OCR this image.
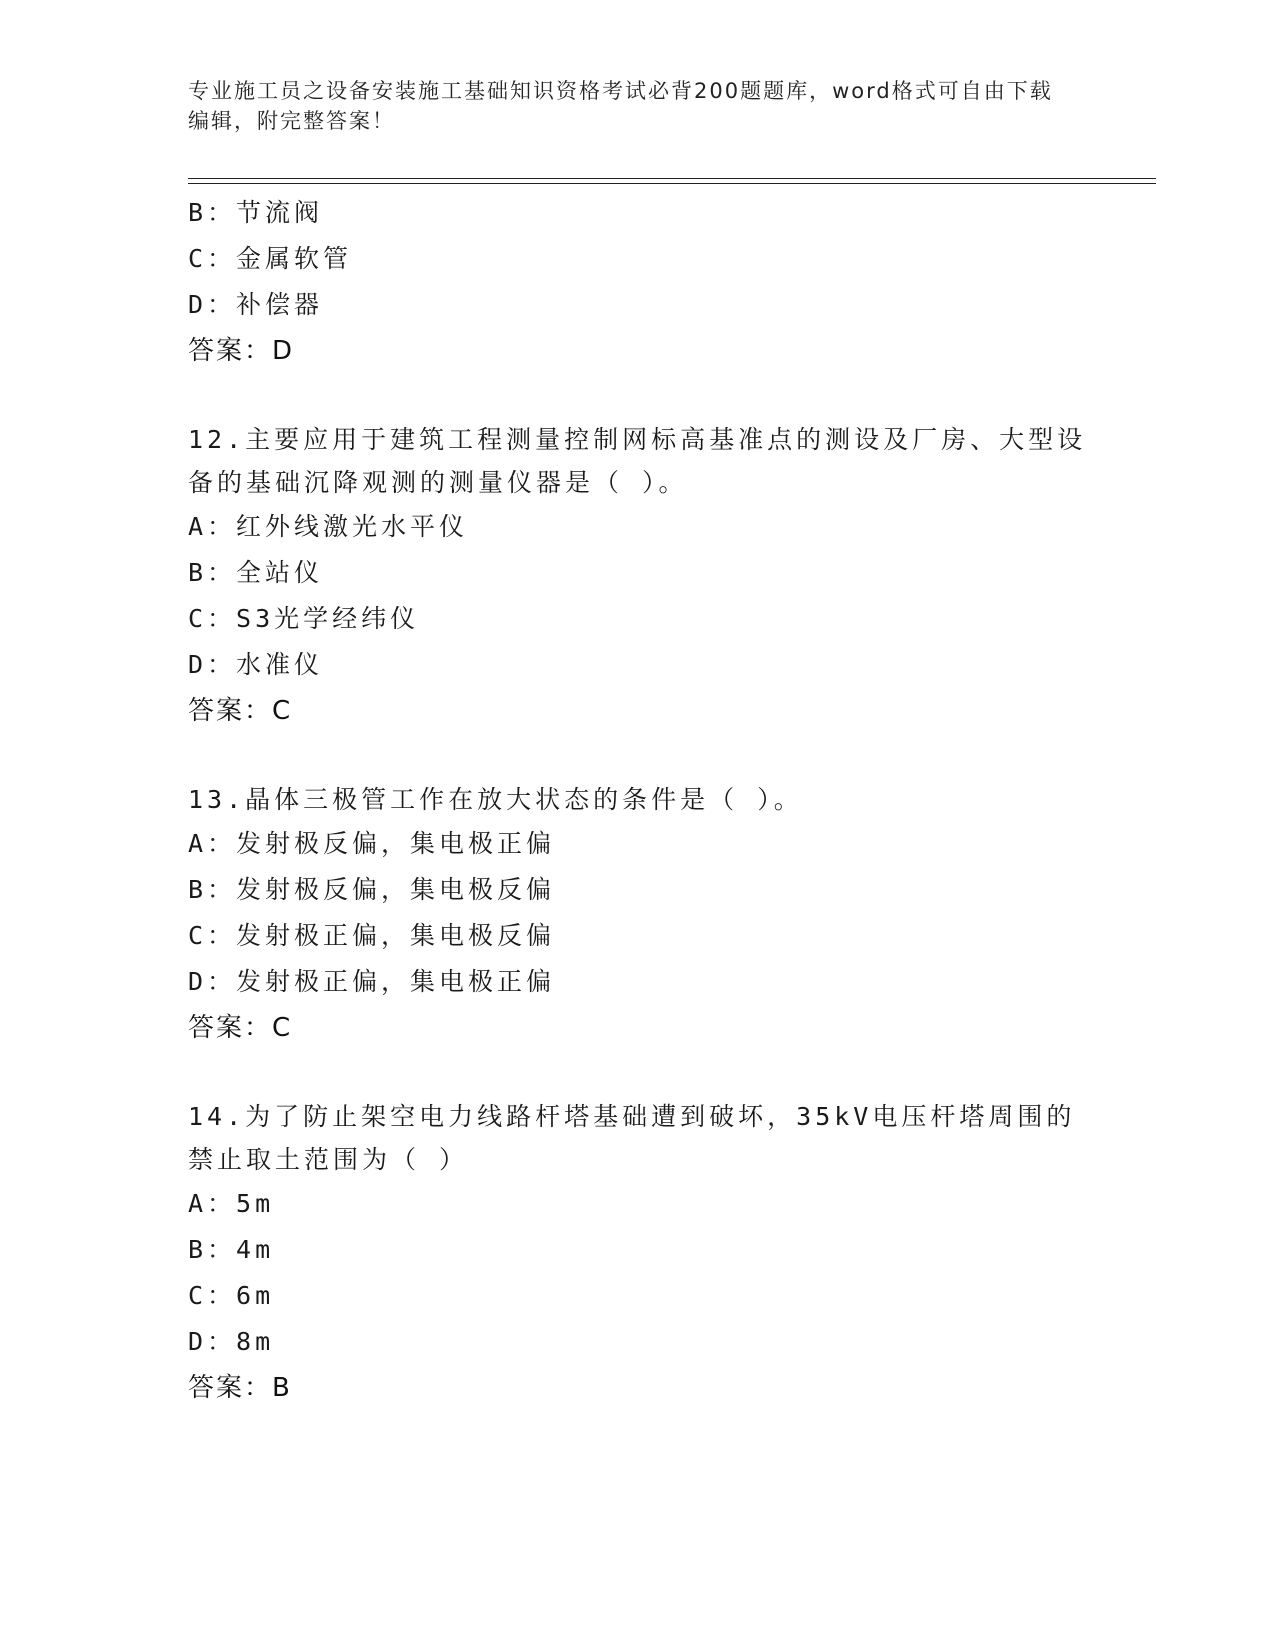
专业施工员之设备安装施工基础知识资格考试必背200题题库，word格式可自由下载编辑，附完整答案！
B：节流阀
C：金属软管
D：补偿器
答案：D
12.主要应用于建筑工程测量控制网标高基准点的测设及厂房、大型设备的基础沉降观测的测量仪器是（ ）。
A：红外线激光水平仪
B：全站仪
C：S3光学经纬仪
D：水准仪
答案：C
13.晶体三极管工作在放大状态的条件是（ ）。
A：发射极反偏，集电极正偏
B：发射极反偏，集电极反偏
C：发射极正偏，集电极反偏
D：发射极正偏，集电极正偏
答案：C
14.为了防止架空电力线路杆塔基础遭到破坏，35kV电压杆塔周围的禁止取土范围为（ ）
A：5m
B：4m
C：6m
D：8m
答案：B
